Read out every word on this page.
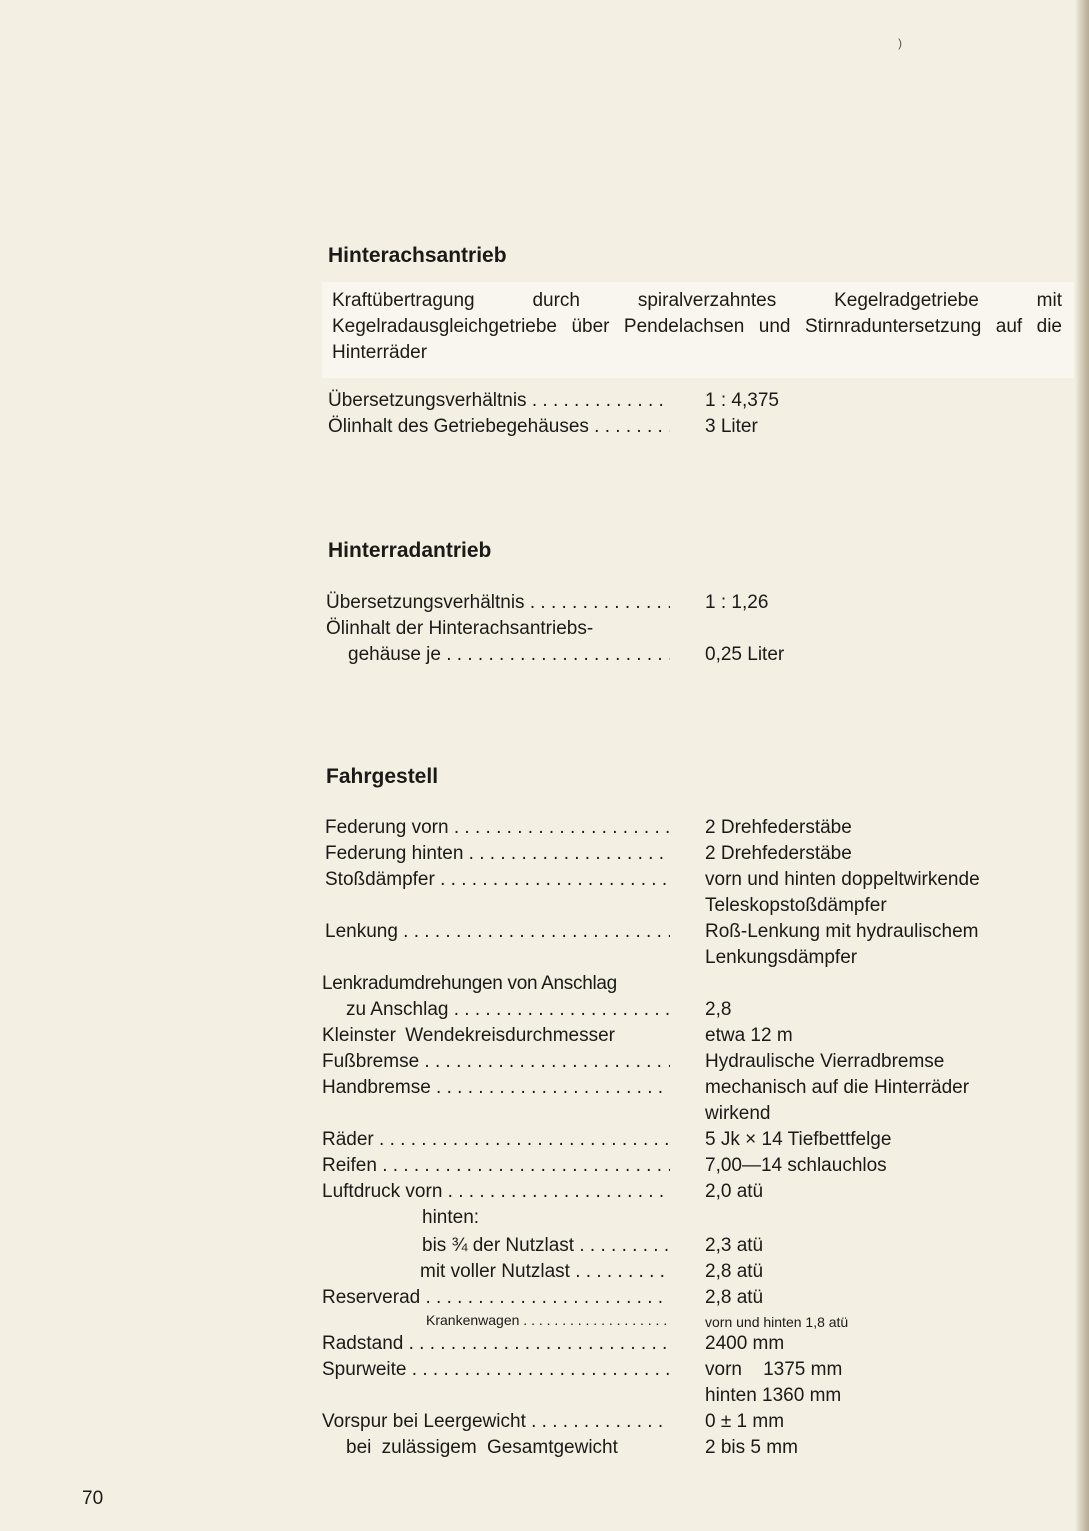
)
Hinterachsantrieb

Kraftübertragung durch spiralverzahntes Kegelradgetriebe mit Kegelradausgleichgetriebe über Pendelachsen und Stirnraduntersetzung auf die Hinterräder

Übersetzungsverhältnis . . .	1 : 4,375
Ölinhalt des Getriebegehäuses . . .	3 Liter
Hinterradantrieb
Übersetzungsverhältnis . . .	1 : 1,26
Ölinhalt der Hinterachsantriebs-
gehäuse je . . .	0,25 Liter
Fahrgestell
Federung vorn . . .	2 Drehfederstäbe
Federung hinten . . .	2 Drehfederstäbe
Stoßdämpfer . . .	vorn und hinten doppeltwirkende
Teleskopstoßdämpfer
Lenkung . . .	Roß-Lenkung mit hydraulischem
Lenkungsdämpfer
Lenkradumdrehungen von Anschlag
zu Anschlag . . .	2,8
Kleinster Wendekreisdurchmesser	etwa 12 m
Fußbremse . . .	Hydraulische Vierradbremse
Handbremse . . .	mechanisch auf die Hinterräder
wirkend
Räder . . .	5 Jk × 14 Tiefbettfelge
Reifen . . .	7,00—14 schlauchlos
Luftdruck vorn . . .	2,0 atü
hinten:
bis ¾ der Nutzlast . . .	2,3 atü
mit voller Nutzlast . . .	2,8 atü
Reserverad . . .	2,8 atü
Krankenwagen . . .	vorn und hinten 1,8 atü
Radstand . . .	2400 mm
Spurweite . . .	vorn    1375 mm
hinten 1360 mm
Vorspur bei Leergewicht . . .	0 ± 1 mm
bei zulässigem Gesamtgewicht	2 bis 5 mm

70
